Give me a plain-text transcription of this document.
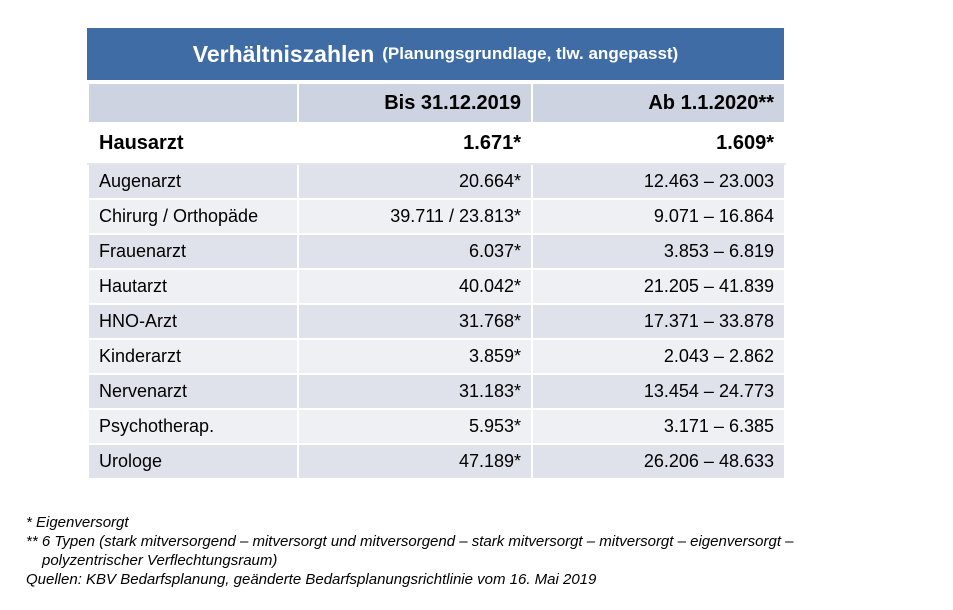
Verhältniszahlen (Planungsgrundlage, tlw. angepasst)
	Bis 31.12.2019	Ab 1.1.2020**
Hausarzt	1.671*	1.609*
Augenarzt	20.664*	12.463 – 23.003
Chirurg / Orthopäde	39.711 / 23.813*	9.071 – 16.864
Frauenarzt	6.037*	3.853 – 6.819
Hautarzt	40.042*	21.205 – 41.839
HNO-Arzt	31.768*	17.371 – 33.878
Kinderarzt	3.859*	2.043 – 2.862
Nervenarzt	31.183*	13.454 – 24.773
Psychotherap.	5.953*	3.171 – 6.385
Urologe	47.189*	26.206 – 48.633
* Eigenversorgt
** 6 Typen (stark mitversorgend – mitversorgt und mitversorgend – stark mitversorgt – mitversorgt – eigenversorgt –
polyzentrischer Verflechtungsraum)
Quellen: KBV Bedarfsplanung, geänderte Bedarfsplanungsrichtlinie vom 16. Mai 2019
